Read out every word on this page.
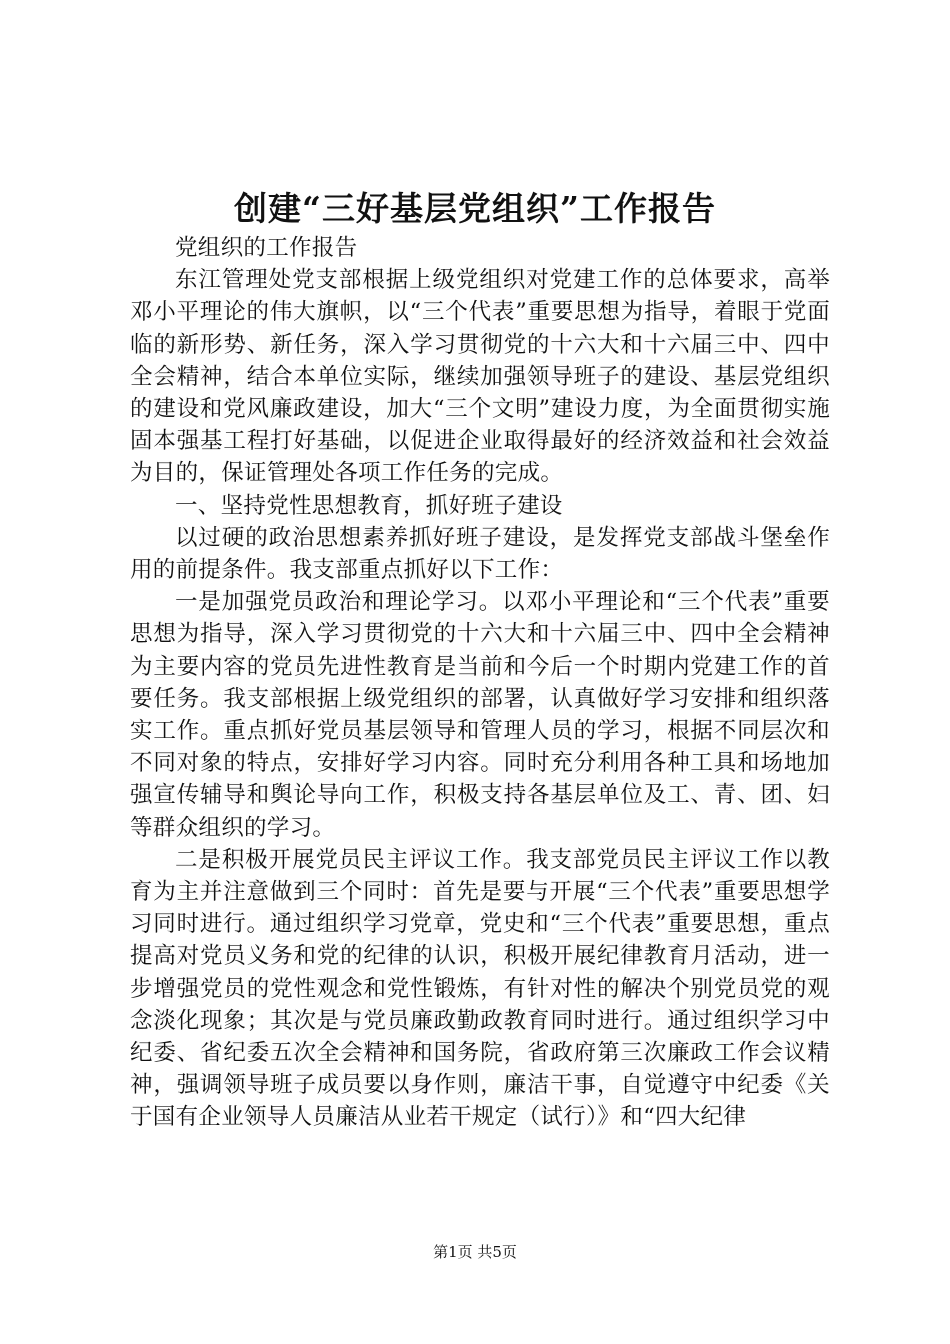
创建“三好基层党组织”工作报告

党组织的工作报告

东江管理处党支部根据上级党组织对党建工作的总体要求，高举邓小平理论的伟大旗帜，以“三个代表”重要思想为指导，着眼于党面临的新形势、新任务，深入学习贯彻党的十六大和十六届三中、四中全会精神，结合本单位实际，继续加强领导班子的建设、基层党组织的建设和党风廉政建设，加大“三个文明”建设力度，为全面贯彻实施固本强基工程打好基础，以促进企业取得最好的经济效益和社会效益为目的，保证管理处各项工作任务的完成。

一、坚持党性思想教育，抓好班子建设

以过硬的政治思想素养抓好班子建设，是发挥党支部战斗堡垒作用的前提条件。我支部重点抓好以下工作：

一是加强党员政治和理论学习。以邓小平理论和“三个代表”重要思想为指导，深入学习贯彻党的十六大和十六届三中、四中全会精神为主要内容的党员先进性教育是当前和今后一个时期内党建工作的首要任务。我支部根据上级党组织的部署，认真做好学习安排和组织落实工作。重点抓好党员基层领导和管理人员的学习，根据不同层次和不同对象的特点，安排好学习内容。同时充分利用各种工具和场地加强宣传辅导和舆论导向工作，积极支持各基层单位及工、青、团、妇等群众组织的学习。

二是积极开展党员民主评议工作。我支部党员民主评议工作以教育为主并注意做到三个同时：首先是要与开展“三个代表”重要思想学习同时进行。通过组织学习党章，党史和“三个代表”重要思想，重点提高对党员义务和党的纪律的认识，积极开展纪律教育月活动，进一步增强党员的党性观念和党性锻炼，有针对性的解决个别党员党的观念淡化现象；其次是与党员廉政勤政教育同时进行。通过组织学习中纪委、省纪委五次全会精神和国务院，省政府第三次廉政工作会议精神，强调领导班子成员要以身作则，廉洁干事，自觉遵守中纪委《关于国有企业领导人员廉洁从业若干规定（试行）》和“四大纪律

第1页 共5页
